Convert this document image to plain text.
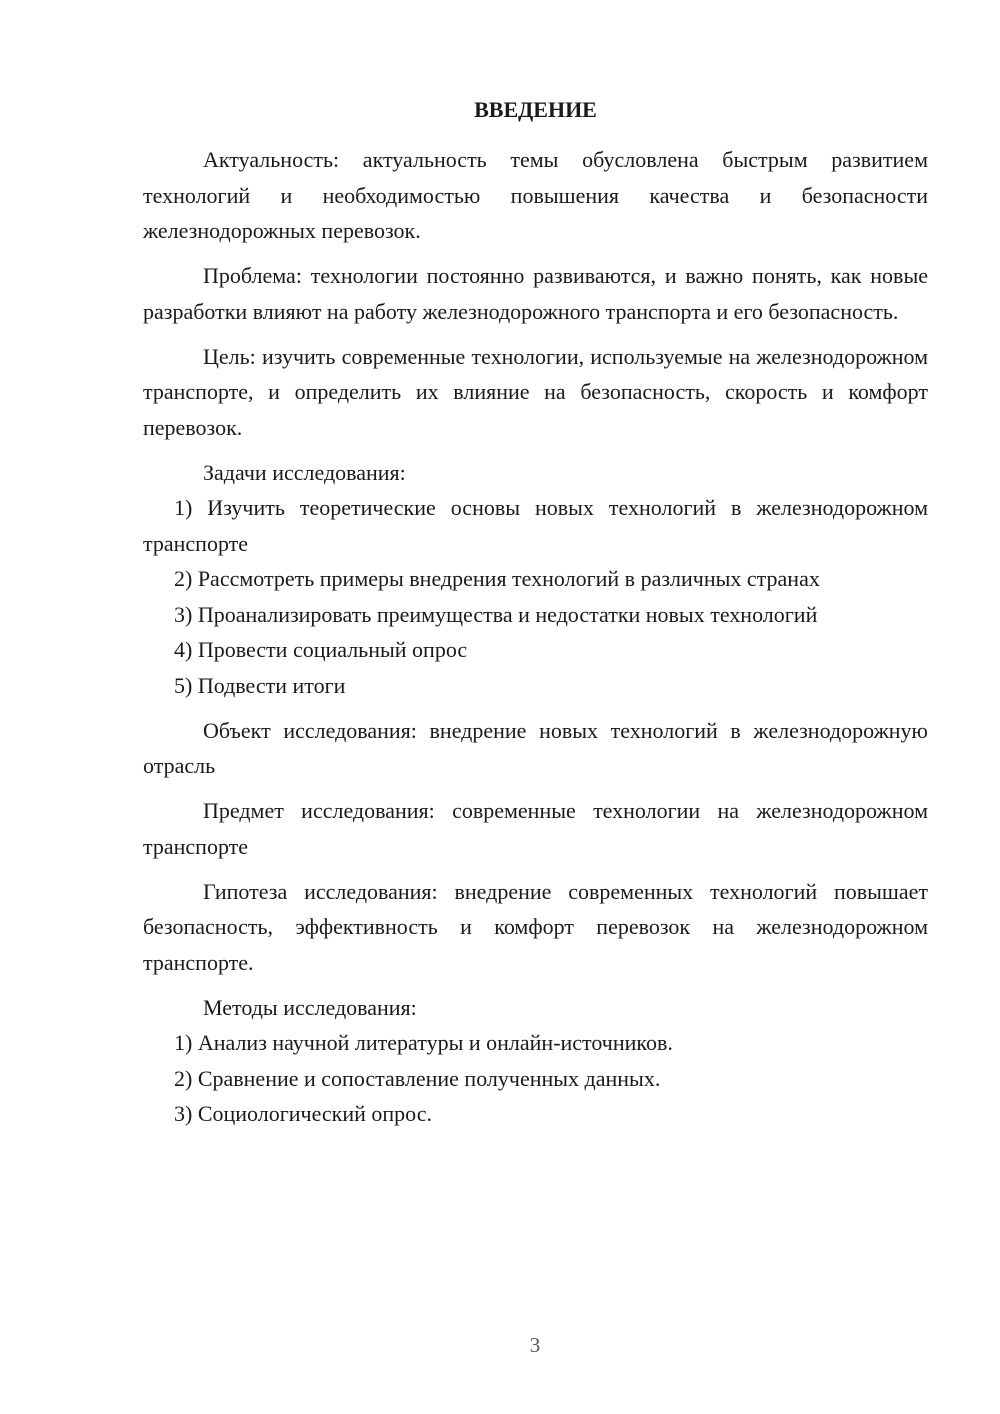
ВВЕДЕНИЕ

Актуальность: актуальность темы обусловлена быстрым развитием технологий и необходимостью повышения качества и безопасности железнодорожных перевозок.

Проблема: технологии постоянно развиваются, и важно понять, как новые разработки влияют на работу железнодорожного транспорта и его безопасность.

Цель: изучить современные технологии, используемые на железнодорожном транспорте, и определить их влияние на безопасность, скорость и комфорт перевозок.

Задачи исследования:

1) Изучить теоретические основы новых технологий в железнодорожном транспорте

2) Рассмотреть примеры внедрения технологий в различных странах

3) Проанализировать преимущества и недостатки новых технологий

4) Провести социальный опрос

5) Подвести итоги

Объект исследования: внедрение новых технологий в железнодорожную отрасль

Предмет исследования: современные технологии на железнодорожном транспорте

Гипотеза исследования: внедрение современных технологий повышает безопасность, эффективность и комфорт перевозок на железнодорожном транспорте.

Методы исследования:

1) Анализ научной литературы и онлайн-источников.

2) Сравнение и сопоставление полученных данных.

3) Социологический опрос.

3
